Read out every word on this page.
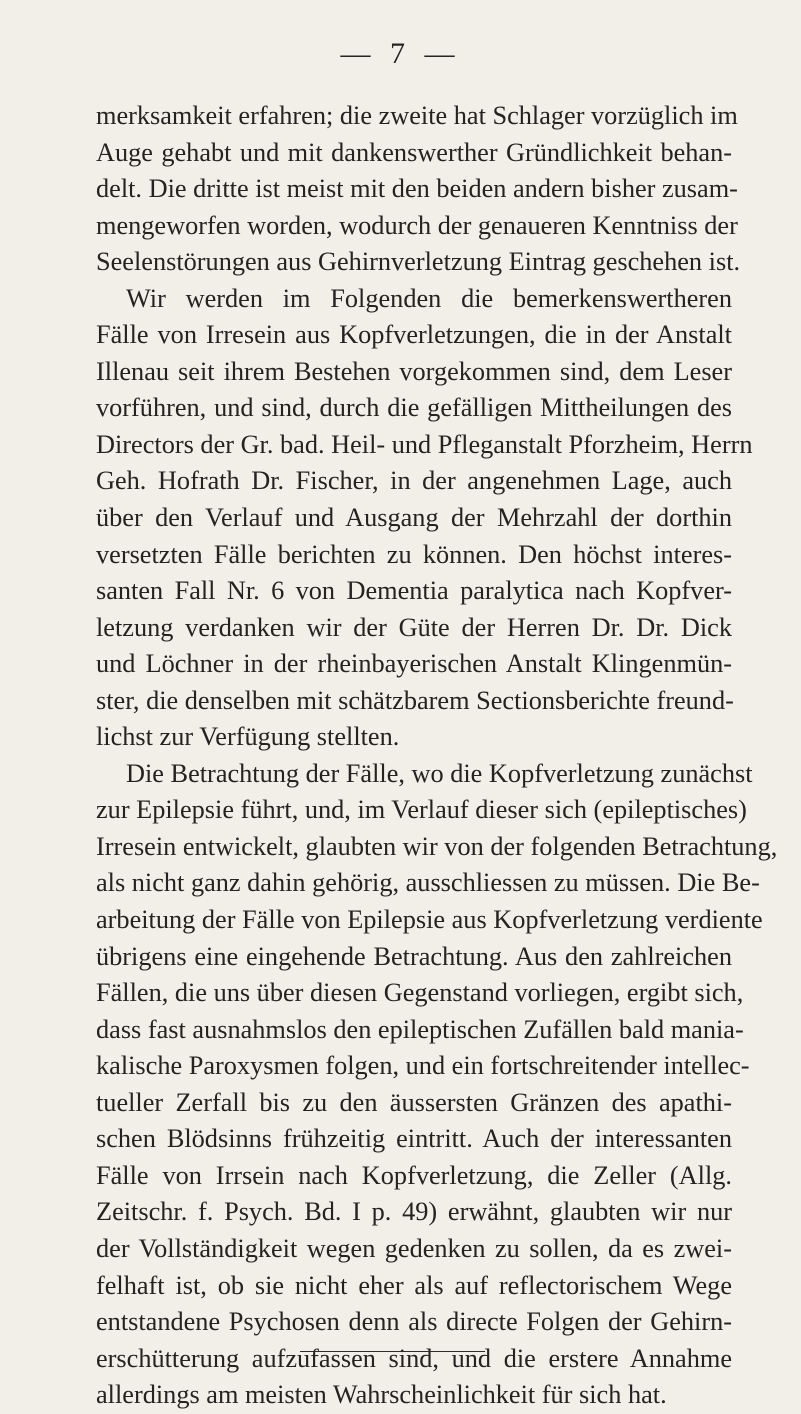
— 7 —
merksamkeit erfahren; die zweite hat Schlager vorzüglich im
Auge gehabt und mit dankenswerther Gründlichkeit behan-
delt. Die dritte ist meist mit den beiden andern bisher zusam-
mengeworfen worden, wodurch der genaueren Kenntniss der
Seelenstörungen aus Gehirnverletzung Eintrag geschehen ist.
Wir werden im Folgenden die bemerkenswertheren
Fälle von Irresein aus Kopfverletzungen, die in der Anstalt
Illenau seit ihrem Bestehen vorgekommen sind, dem Leser
vorführen, und sind, durch die gefälligen Mittheilungen des
Directors der Gr. bad. Heil- und Pfleganstalt Pforzheim, Herrn
Geh. Hofrath Dr. Fischer, in der angenehmen Lage, auch
über den Verlauf und Ausgang der Mehrzahl der dorthin
versetzten Fälle berichten zu können. Den höchst interes-
santen Fall Nr. 6 von Dementia paralytica nach Kopfver-
letzung verdanken wir der Güte der Herren Dr. Dr. Dick
und Löchner in der rheinbayerischen Anstalt Klingenmün-
ster, die denselben mit schätzbarem Sectionsberichte freund-
lichst zur Verfügung stellten.
Die Betrachtung der Fälle, wo die Kopfverletzung zunächst
zur Epilepsie führt, und, im Verlauf dieser sich (epileptisches)
Irresein entwickelt, glaubten wir von der folgenden Betrachtung,
als nicht ganz dahin gehörig, ausschliessen zu müssen. Die Be-
arbeitung der Fälle von Epilepsie aus Kopfverletzung verdiente
übrigens eine eingehende Betrachtung. Aus den zahlreichen
Fällen, die uns über diesen Gegenstand vorliegen, ergibt sich,
dass fast ausnahmslos den epileptischen Zufällen bald mania-
kalische Paroxysmen folgen, und ein fortschreitender intellec-
tueller Zerfall bis zu den äussersten Gränzen des apathi-
schen Blödsinns frühzeitig eintritt. Auch der interessanten
Fälle von Irrsein nach Kopfverletzung, die Zeller (Allg.
Zeitschr. f. Psych. Bd. I p. 49) erwähnt, glaubten wir nur
der Vollständigkeit wegen gedenken zu sollen, da es zwei-
felhaft ist, ob sie nicht eher als auf reflectorischem Wege
entstandene Psychosen denn als directe Folgen der Gehirn-
erschütterung aufzufassen sind, und die erstere Annahme
allerdings am meisten Wahrscheinlichkeit für sich hat.
